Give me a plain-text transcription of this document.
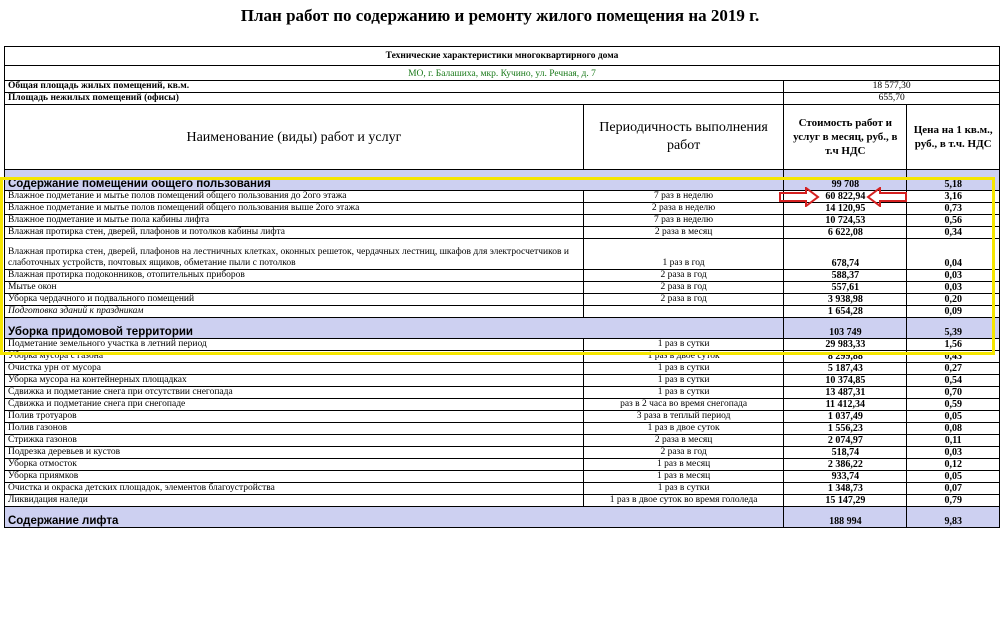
План работ по содержанию и ремонту жилого помещения на 2019 г.
Технические характеристики многоквартирного дома			
МО, г. Балашиха, мкр. Кучино, ул. Речная, д. 7			
Общая площадь жилых помещений, кв.м.		18 577,30	
Площадь нежилых помещений (офисы)		655,70	
Наименование (виды) работ и услуг	Периодичность выполнения работ	Стоимость работ и услуг в месяц, руб., в т.ч НДС	Цена на 1 кв.м., руб., в т.ч. НДС
Содержание помещений общего пользования		99 708	5,18
Влажное подметание и мытье полов помещений общего пользования до 2ого этажа	7 раз в неделю	60 822,94	3,16
Влажное подметание и мытье полов помещений общего пользования выше 2ого этажа	2 раза в неделю	14 120,95	0,73
Влажное подметание и мытье пола кабины лифта	7 раз в неделю	10 724,53	0,56
Влажная протирка стен, дверей, плафонов и потолков кабины лифта	2 раза в месяц	6 622,08	0,34
Влажная протирка стен, дверей, плафонов на лестничных клетках, оконных решеток, чердачных лестниц, шкафов для электросчетчиков и слаботочных устройств, почтовых ящиков, обметание пыли с потолков	1 раз в год	678,74	0,04
Влажная протирка подоконников, отопительных приборов	2 раза в год	588,37	0,03
Мытье окон	2 раза в год	557,61	0,03
Уборка чердачного и подвального помещений	2 раза в год	3 938,98	0,20
Подготовка зданий к праздникам		1 654,28	0,09
Уборка придомовой территории		103 749	5,39
Подметание земельного участка в летний период	1 раз в сутки	29 983,33	1,56
Уборка мусора с газона	1 раз в двое суток	8 299,88	0,43
Очистка урн от мусора	1 раз в сутки	5 187,43	0,27
Уборка мусора на контейнерных площадках	1 раз в сутки	10 374,85	0,54
Сдвижка и подметание снега при отсутствии снегопада	1 раз в сутки	13 487,31	0,70
Сдвижка и подметание снега при снегопаде	раз в 2 часа во время снегопада	11 412,34	0,59
Полив тротуаров	3 раза в теплый период	1 037,49	0,05
Полив газонов	1 раз в двое суток	1 556,23	0,08
Стрижка газонов	2 раза в месяц	2 074,97	0,11
Подрезка деревьев и кустов	2 раза в год	518,74	0,03
Уборка отмосток	1 раз в месяц	2 386,22	0,12
Уборка приямков	1 раз в месяц	933,74	0,05
Очистка и окраска детских площадок, элементов благоустройства	1 раз в сутки	1 348,73	0,07
Ликвидация наледи	1 раз в двое суток во время гололеда	15 147,29	0,79
Содержание лифта		188 994	9,83
